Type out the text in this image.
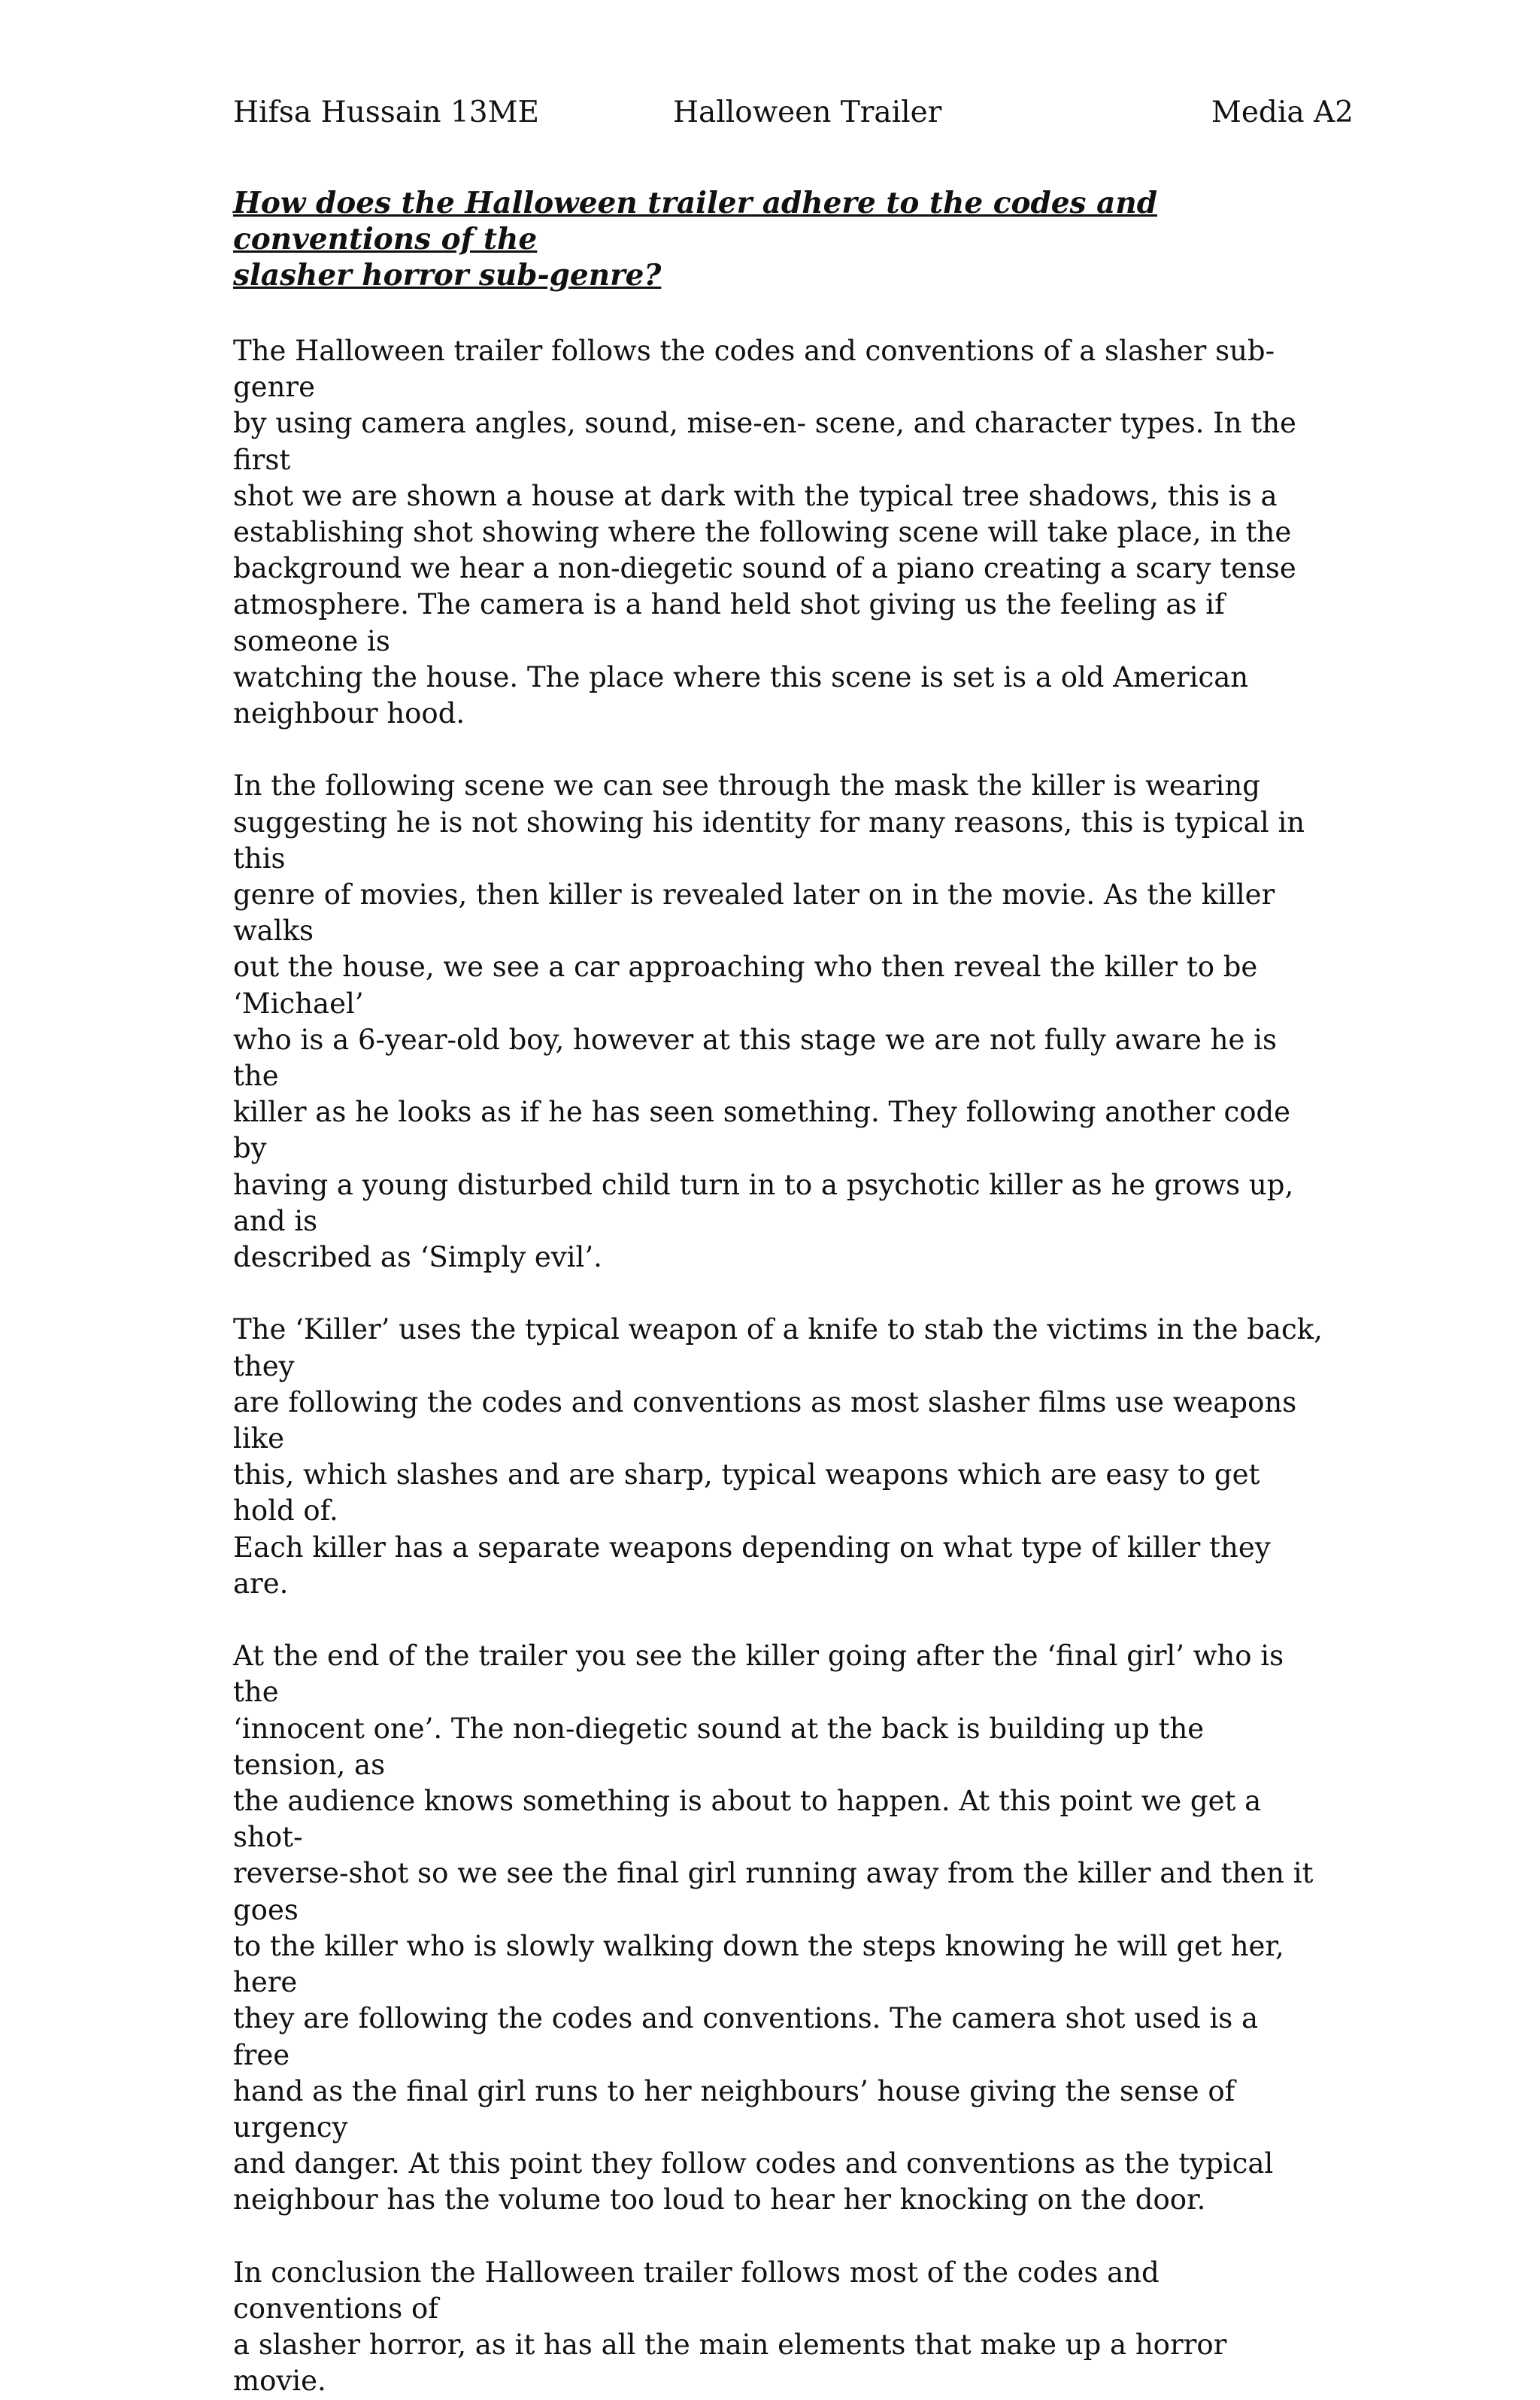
Hifsa Hussain 13ME	Halloween Trailer	Media A2
How does the Halloween trailer adhere to the codes and conventions of the
slasher horror sub-genre?

The Halloween trailer follows the codes and conventions of a slasher sub-genre
by using camera angles, sound, mise-en- scene, and character types. In the first
shot we are shown a house at dark with the typical tree shadows, this is a
establishing shot showing where the following scene will take place, in the
background we hear a non-diegetic sound of a piano creating a scary tense
atmosphere. The camera is a hand held shot giving us the feeling as if someone is
watching the house. The place where this scene is set is a old American
neighbour hood.

In the following scene we can see through the mask the killer is wearing
suggesting he is not showing his identity for many reasons, this is typical in this
genre of movies, then killer is revealed later on in the movie. As the killer walks
out the house, we see a car approaching who then reveal the killer to be ‘Michael’
who is a 6-year-old boy, however at this stage we are not fully aware he is the
killer as he looks as if he has seen something. They following another code by
having a young disturbed child turn in to a psychotic killer as he grows up, and is
described as ‘Simply evil’.

The ‘Killer’ uses the typical weapon of a knife to stab the victims in the back, they
are following the codes and conventions as most slasher films use weapons like
this, which slashes and are sharp, typical weapons which are easy to get hold of.
Each killer has a separate weapons depending on what type of killer they are.

At the end of the trailer you see the killer going after the ‘final girl’ who is the
‘innocent one’. The non-diegetic sound at the back is building up the tension, as
the audience knows something is about to happen. At this point we get a shot-
reverse-shot so we see the final girl running away from the killer and then it goes
to the killer who is slowly walking down the steps knowing he will get her, here
they are following the codes and conventions. The camera shot used is a free
hand as the final girl runs to her neighbours’ house giving the sense of urgency
and danger. At this point they follow codes and conventions as the typical
neighbour has the volume too loud to hear her knocking on the door.

In conclusion the Halloween trailer follows most of the codes and conventions of
a slasher horror, as it has all the main elements that make up a horror movie.
